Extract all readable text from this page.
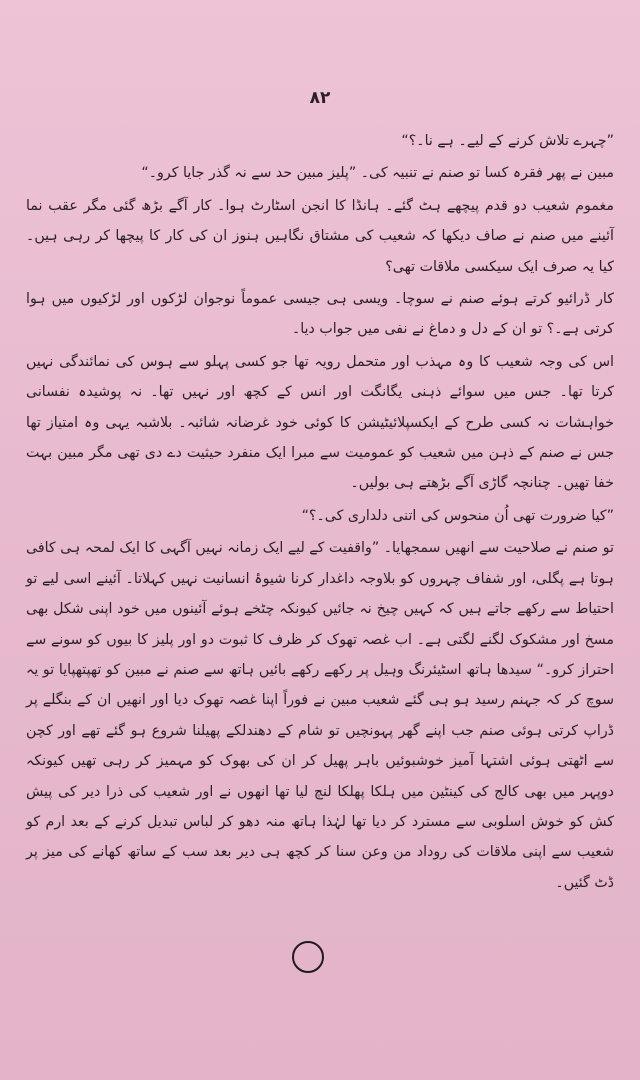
۸۲

”چہرے تلاش کرنے کے لیے۔ ہے نا۔؟“

مبین نے پھر فقرہ کسا تو صنم نے تنبیہ کی۔ ”پلیز مبین حد سے نہ گذر جایا کرو۔“

مغموم شعیب دو قدم پیچھے ہٹ گئے۔ ہانڈا کا انجن اسٹارٹ ہوا۔ کار آگے بڑھ گئی مگر عقب نما آئینے میں صنم نے صاف دیکھا کہ شعیب کی مشتاق نگاہیں ہنوز ان کی کار کا پیچھا کر رہی ہیں۔ کیا یہ صرف ایک سیکسی ملاقات تھی؟

کار ڈرائیو کرتے ہوئے صنم نے سوچا۔ ویسی ہی جیسی عموماً نوجوان لڑکوں اور لڑکیوں میں ہوا کرتی ہے۔؟ تو ان کے دل و دماغ نے نفی میں جواب دیا۔

اس کی وجہ شعیب کا وہ مہذب اور متحمل رویہ تھا جو کسی پہلو سے ہوس کی نمائندگی نہیں کرتا تھا۔ جس میں سوائے ذہنی یگانگت اور انس کے کچھ اور نہیں تھا۔ نہ پوشیدہ نفسانی خواہشات نہ کسی طرح کے ایکسپلائیٹیشن کا کوئی خود غرضانہ شائبہ۔ بلاشبہ یہی وہ امتیاز تھا جس نے صنم کے ذہن میں شعیب کو عمومیت سے مبرا ایک منفرد حیثیت دے دی تھی مگر مبین بہت خفا تھیں۔ چنانچہ گاڑی آگے بڑھتے ہی بولیں۔

”کیا ضرورت تھی اُن منحوس کی اتنی دلداری کی۔؟“

تو صنم نے صلاحیت سے انھیں سمجھایا۔ ”واقفیت کے لیے ایک زمانہ نہیں آگہی کا ایک لمحہ ہی کافی ہوتا ہے پگلی، اور شفاف چہروں کو بلاوجہ داغدار کرنا شیوۂ انسانیت نہیں کہلاتا۔ آئینے اسی لیے تو احتیاط سے رکھے جاتے ہیں کہ کہیں چیخ نہ جائیں کیونکہ چٹخے ہوئے آئینوں میں خود اپنی شکل بھی مسخ اور مشکوک لگنے لگتی ہے۔ اب غصہ تھوک کر ظرف کا ثبوت دو اور پلیز کا بیوں کو سونے سے احتراز کرو۔“ سیدھا ہاتھ اسٹیئرنگ وہیل پر رکھے رکھے بائیں ہاتھ سے صنم نے مبین کو تھپتھپایا تو یہ سوچ کر کہ جہنم رسید ہو ہی گئے شعیب مبین نے فوراً اپنا غصہ تھوک دیا اور انھیں ان کے بنگلے پر ڈراپ کرتی ہوئی صنم جب اپنے گھر پہونچیں تو شام کے دھندلکے پھیلنا شروع ہو گئے تھے اور کچن سے اٹھتی ہوئی اشتہا آمیز خوشبوئیں باہر پھیل کر ان کی بھوک کو مہمیز کر رہی تھیں کیونکہ دوپہر میں بھی کالج کی کینٹین میں ہلکا پھلکا لنچ لیا تھا انھوں نے اور شعیب کی ذرا دیر کی پیش کش کو خوش اسلوبی سے مسترد کر دیا تھا لہٰذا ہاتھ منہ دھو کر لباس تبدیل کرنے کے بعد ارم کو شعیب سے اپنی ملاقات کی روداد من وعن سنا کر کچھ ہی دیر بعد سب کے ساتھ کھانے کی میز پر ڈٹ گئیں۔
